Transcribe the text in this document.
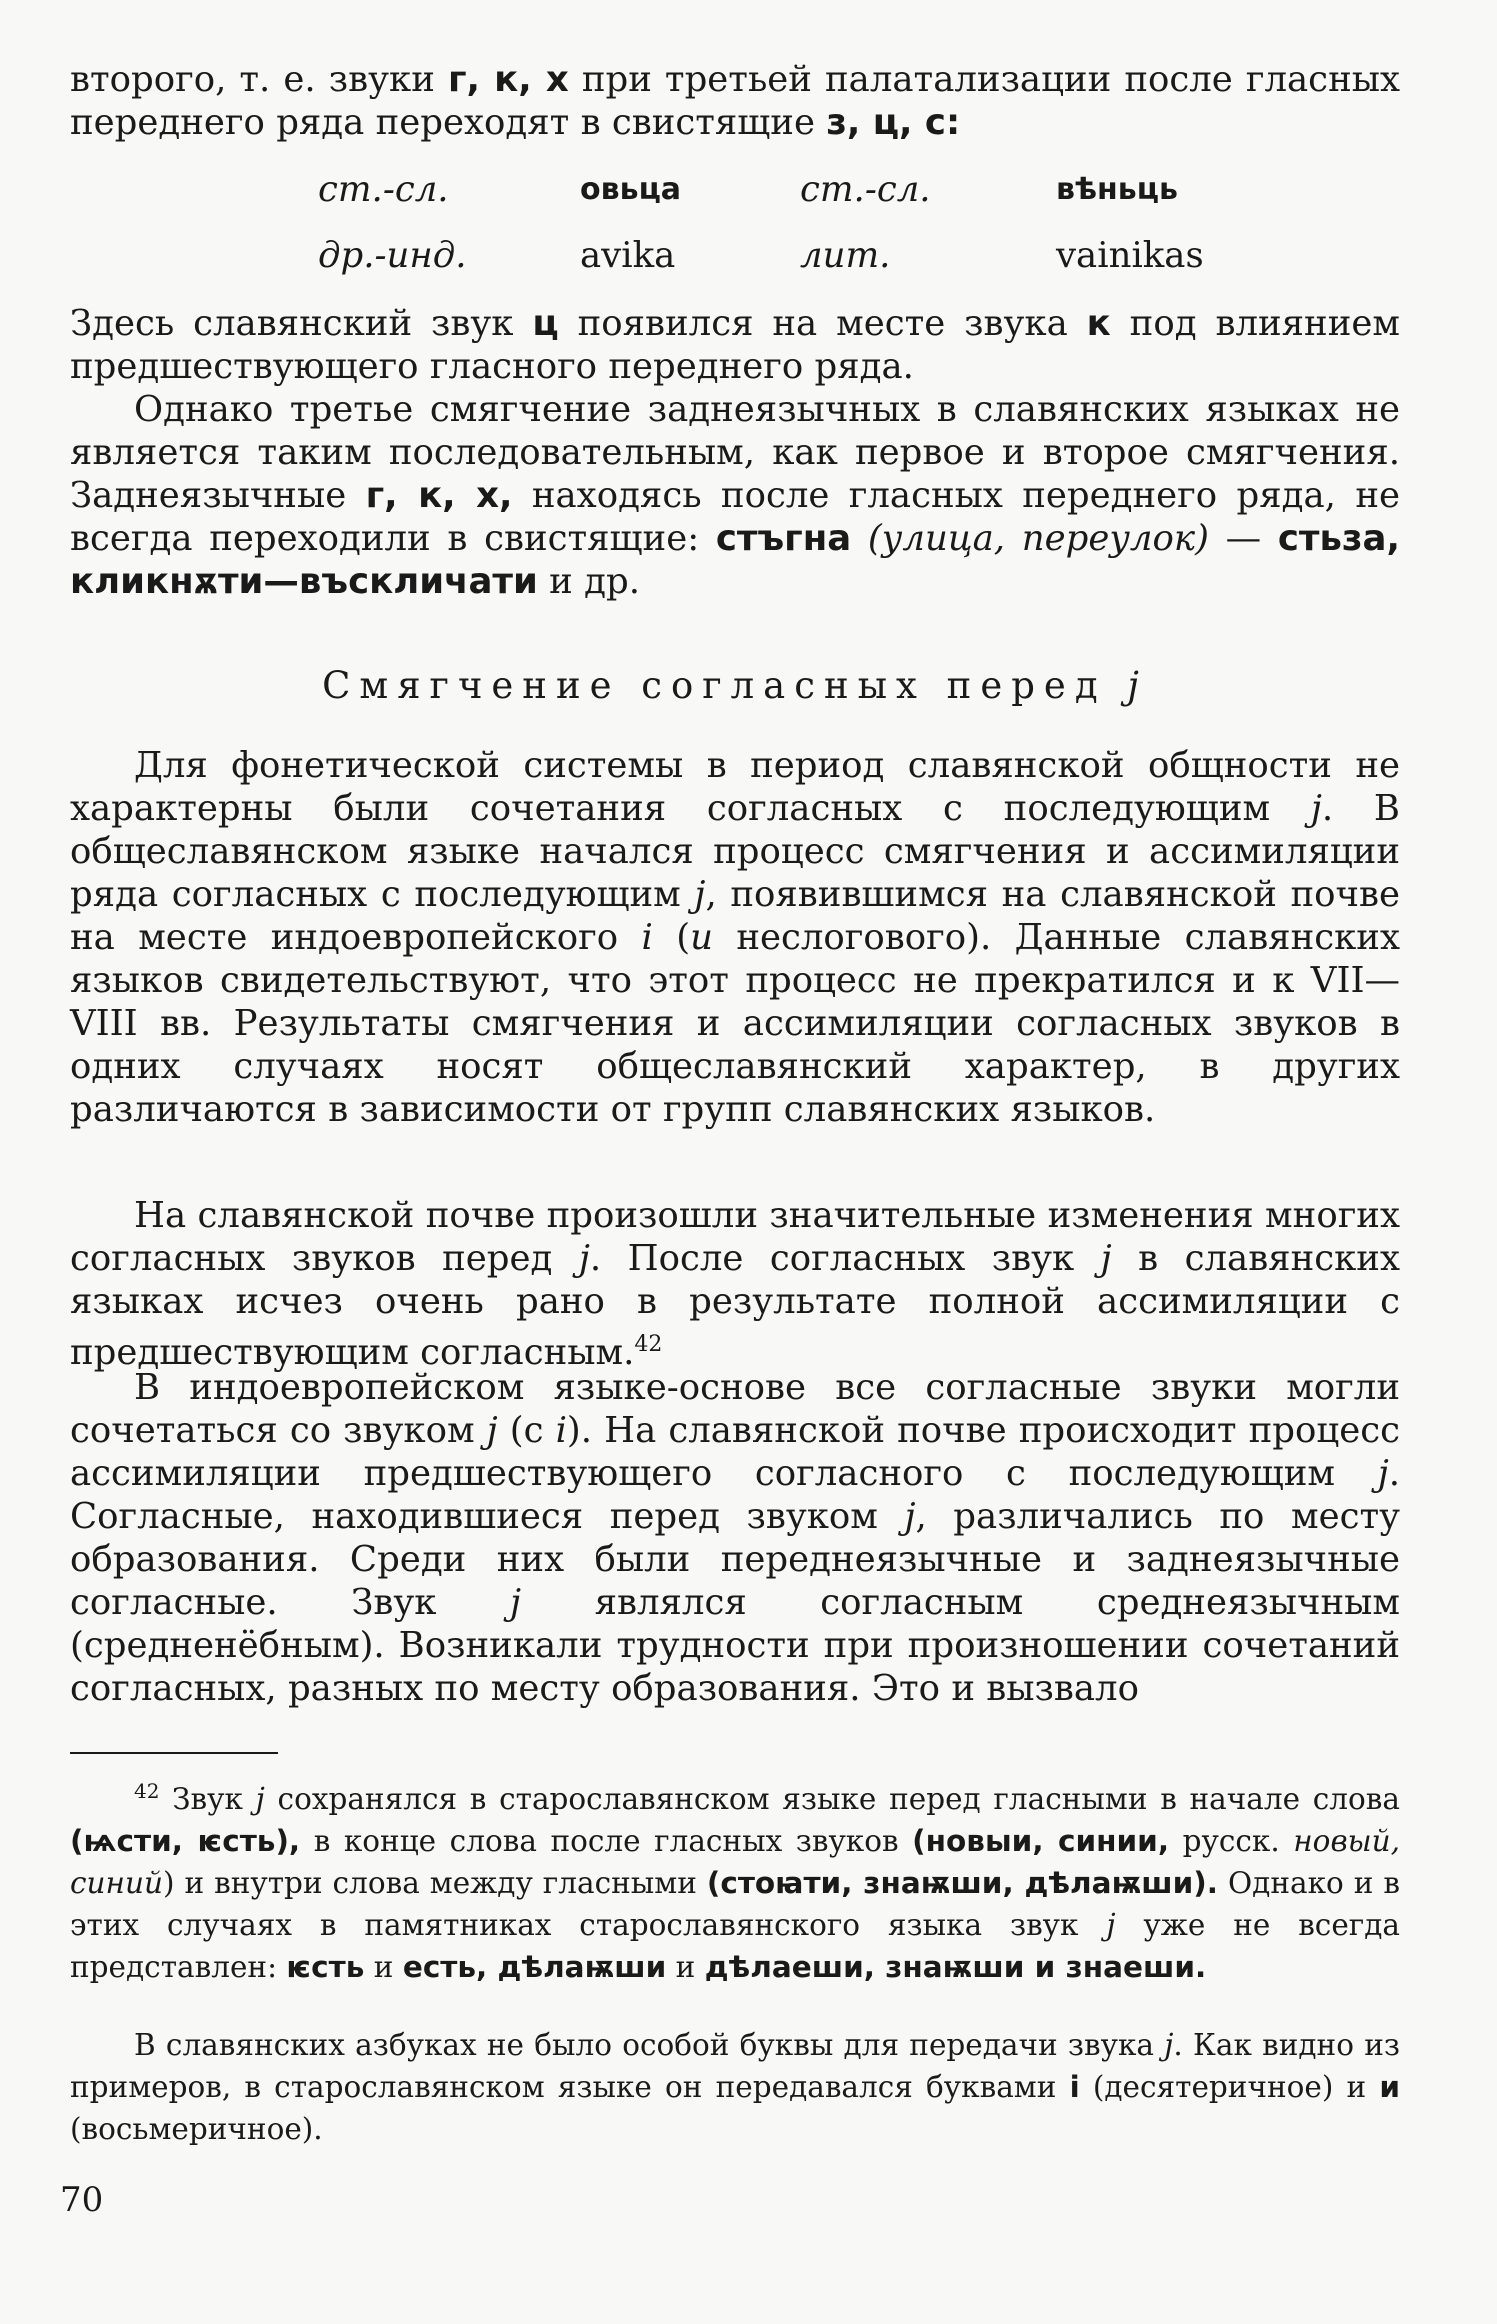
второго, т. е. звуки г, к, х при третьей палатализации после гласных переднего ряда переходят в свистящие з, ц, с:

ст.-сл.	овьца	ст.-сл.	вѣньць
др.-инд.	avika	лит.	vainikas

Здесь славянский звук ц появился на месте звука к под влиянием предшествующего гласного переднего ряда.

Однако третье смягчение заднеязычных в славянских языках не является таким последовательным, как первое и второе смягчения. Заднеязычные г, к, х, находясь после гласных переднего ряда, не всегда переходили в свистящие: стъгна (улица, переулок) — стьза, кликнѫти—въскличати и др.

Смягчение согласных перед j

Для фонетической системы в период славянской общности не характерны были сочетания согласных с последующим j. В общеславянском языке начался процесс смягчения и ассимиляции ряда согласных с последующим j, появившимся на славянской почве на месте индоевропейского i (и неслогового). Данные славянских языков свидетельствуют, что этот процесс не прекратился и к VII—VIII вв. Результаты смягчения и ассимиляции согласных звуков в одних случаях носят общеславянский характер, в других различаются в зависимости от групп славянских языков.

На славянской почве произошли значительные изменения многих согласных звуков перед j. После согласных звук j в славянских языках исчез очень рано в результате полной ассимиляции с предшествующим согласным.$^{42}$

В индоевропейском языке-основе все согласные звуки могли сочетаться со звуком j (с i). На славянской почве происходит процесс ассимиляции предшествующего согласного с последующим j. Согласные, находившиеся перед звуком j, различались по месту образования. Среди них были переднеязычные и заднеязычные согласные. Звук j являлся согласным среднеязычным (средненёбным). Возникали трудности при произношении сочетаний согласных, разных по месту образования. Это и вызвало

$^{42}$ Звук j сохранялся в старославянском языке перед гласными в начале слова (ѩсти, ѥсть), в конце слова после гласных звуков (новыи, синии, русск. новый, синий) и внутри слова между гласными (стоꙗти, знаѭши, дѣлаѭши). Однако и в этих случаях в памятниках старославянского языка звук j уже не всегда представлен: ѥсть и есть, дѣлаѭши и дѣлаеши, знаѭши и знаеши.

В славянских азбуках не было особой буквы для передачи звука j. Как видно из примеров, в старославянском языке он передавался буквами і (десятеричное) и и (восьмеричное).

70
